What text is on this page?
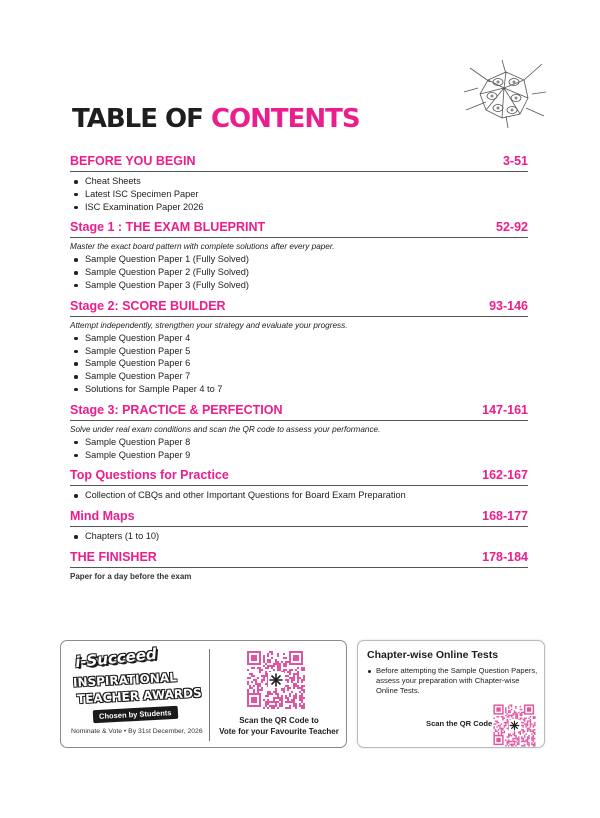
TABLE OF CONTENTS
BEFORE YOU BEGIN	3-51
Cheat Sheets
Latest ISC Specimen Paper
ISC Examination Paper 2026
Stage 1 : THE EXAM BLUEPRINT	52-92
Master the exact board pattern with complete solutions after every paper.
Sample Question Paper 1 (Fully Solved)
Sample Question Paper 2 (Fully Solved)
Sample Question Paper 3 (Fully Solved)
Stage 2: SCORE BUILDER	93-146
Attempt independently, strengthen your strategy and evaluate your progress.
Sample Question Paper 4
Sample Question Paper 5
Sample Question Paper 6
Sample Question Paper 7
Solutions for Sample Paper 4 to 7
Stage 3: PRACTICE & PERFECTION	147-161
Solve under real exam conditions and scan the QR code to assess your performance.
Sample Question Paper 8
Sample Question Paper 9
Top Questions for Practice	162-167
Collection of CBQs and other Important Questions for Board Exam Preparation
Mind Maps	168-177
Chapters (1 to 10)
THE FINISHER	178-184
Paper for a day before the exam
i-Succeed
INSPIRATIONAL
TEACHER AWARDS
Chosen by Students
Nominate & Vote • By 31st December, 2026
Scan the QR Code to
Vote for your Favourite Teacher
Chapter-wise Online Tests
Before attempting the Sample Question Papers, assess your preparation with Chapter-wise Online Tests.
Scan the QR Code
